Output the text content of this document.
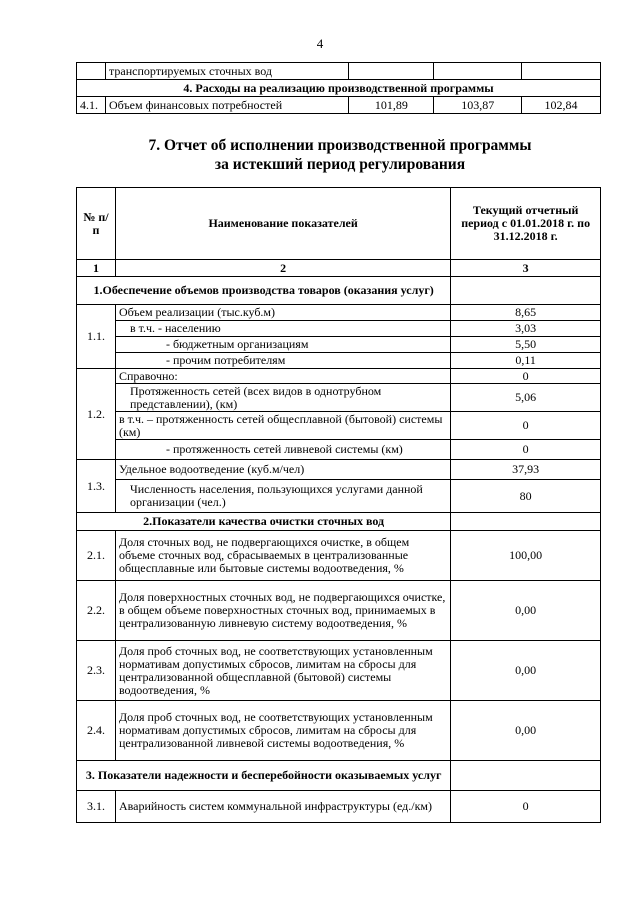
4
	транспортируемых сточных вод			
4. Расходы на реализацию производственной программы				
4.1.	Объем финансовых потребностей	101,89	103,87	102,84
7. Отчет об исполнении производственной программы
за истекший период регулирования
№ п/п	Наименование показателей	Текущий отчетный период с 01.01.2018 г. по 31.12.2018 г.
1	2	3
1.Обеспечение объемов производства товаров (оказания услуг)		
1.1.	Объем реализации (тыс.куб.м)	8,65
	в т.ч. - населению	3,03
	- бюджетным организациям	5,50
	- прочим потребителям	0,11
1.2.	Справочно:	0
	Протяженность сетей (всех видов в однотрубном представлении), (км)	5,06
	в т.ч. – протяженность сетей общесплавной (бытовой) системы (км)	0
	- протяженность сетей ливневой системы (км)	0
1.3.	Удельное водоотведение (куб.м/чел)	37,93
	Численность населения, пользующихся услугами данной организации (чел.)	80
2.Показатели качества очистки сточных вод		
2.1.	Доля сточных вод, не подвергающихся очистке, в общем объеме сточных вод, сбрасываемых в централизованные общесплавные или бытовые системы водоотведения, %	100,00
2.2.	Доля поверхностных сточных вод, не подвергающихся очистке, в общем объеме поверхностных сточных вод, принимаемых в централизованную ливневую систему водоотведения, %	0,00
2.3.	Доля проб сточных вод, не соответствующих установленным нормативам допустимых сбросов, лимитам на сбросы для централизованной общесплавной (бытовой) системы водоотведения, %	0,00
2.4.	Доля проб сточных вод, не соответствующих установленным нормативам допустимых сбросов, лимитам на сбросы для централизованной ливневой системы водоотведения, %	0,00
3. Показатели надежности и бесперебойности оказываемых услуг		
3.1.	Аварийность систем коммунальной инфраструктуры (ед./км)	0
